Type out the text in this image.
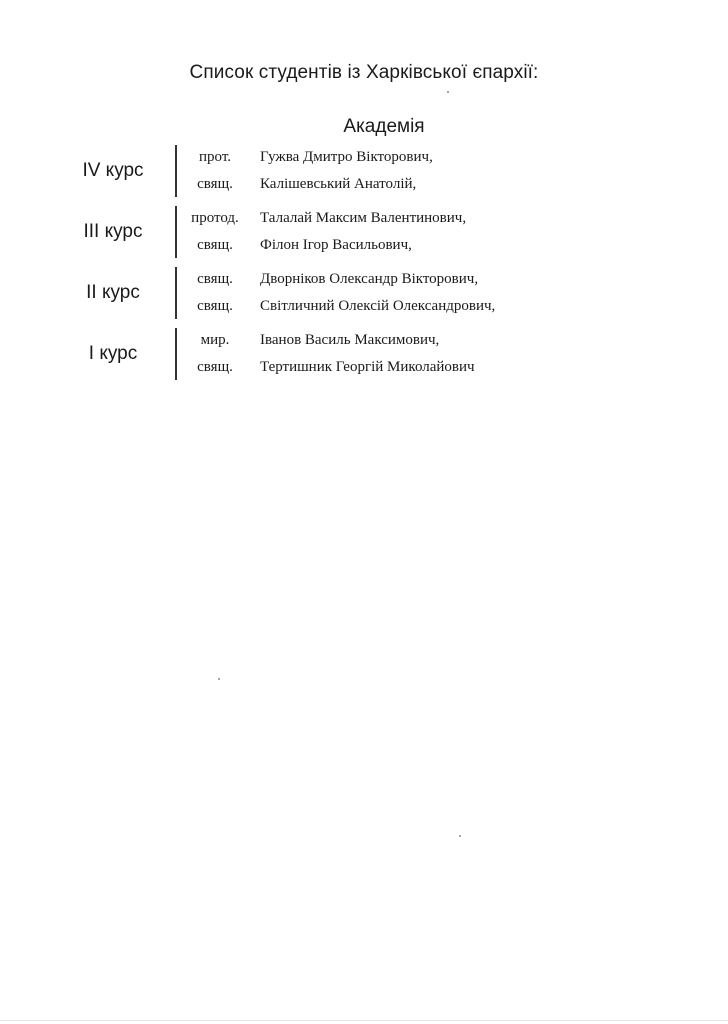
Список студентів із Харківської єпархії:
Академія
IV курс
прот. Гужва Дмитро Вікторович,
свящ. Калішевський Анатолій,
III курс
протод. Талалай Максим Валентинович,
свящ. Філон Ігор Васильович,
II курс
свящ. Дворніков Олександр Вікторович,
свящ. Світличний Олексій Олександрович,
I курс
мир. Іванов Василь Максимович,
свящ. Тертишник Георгій Миколайович
